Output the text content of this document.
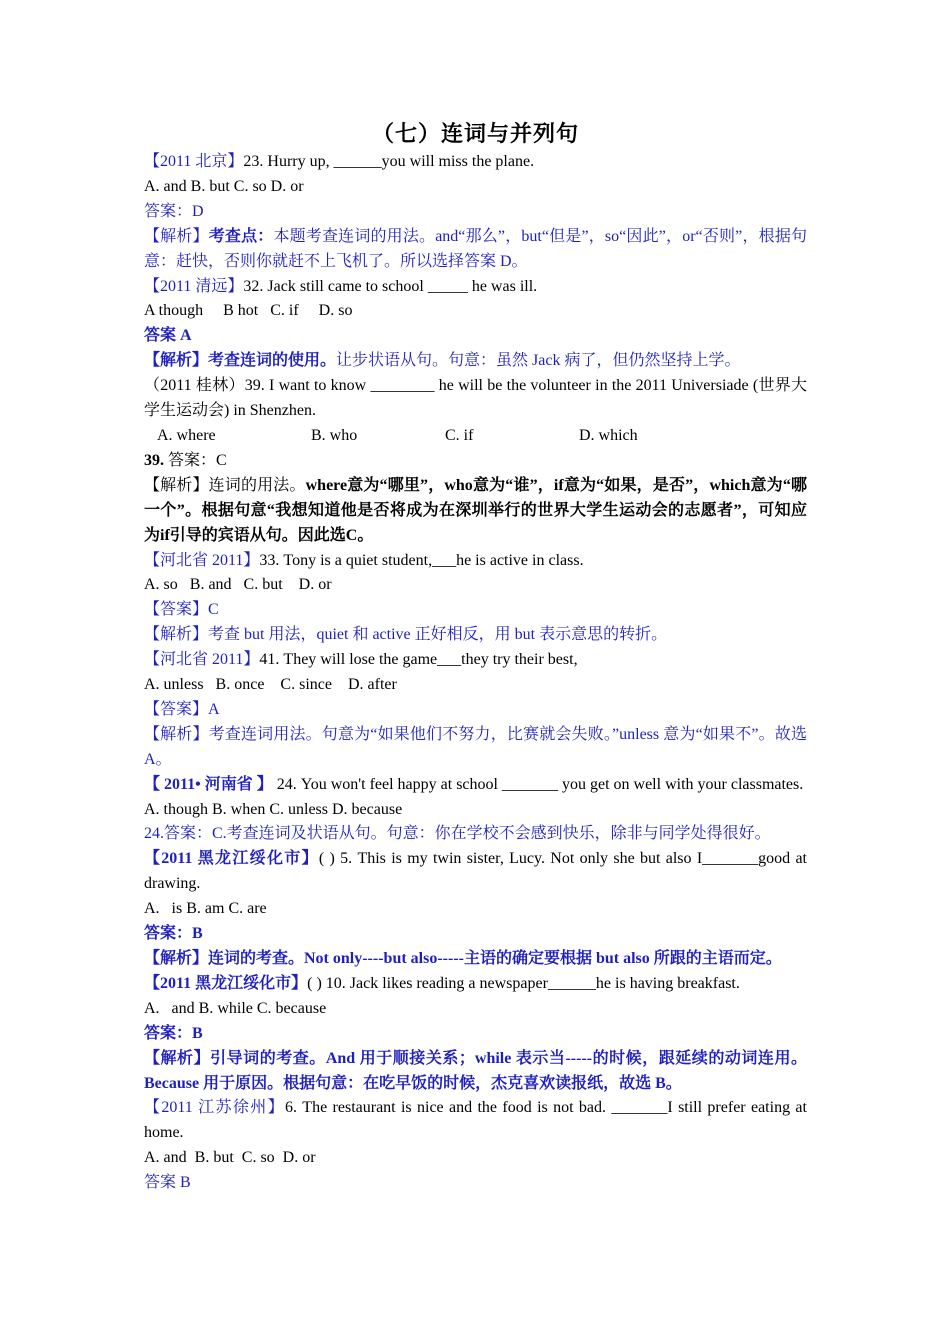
（七）连词与并列句
【2011 北京】23. Hurry up, ______you will miss the plane.
A. and B. but C. so D. or
答案：D
【解析】考查点：本题考查连词的用法。and“那么”，but“但是”，so“因此”，or“否则”，根据句意：赶快，否则你就赶不上飞机了。所以选择答案 D。
【2011 清远】32. Jack still came to school _____ he was ill.
A though     B hot   C. if     D. so
答案 A
【解析】考查连词的使用。让步状语从句。句意：虽然 Jack 病了，但仍然坚持上学。
（2011 桂林）39. I want to know ________ he will be the volunteer in the 2011 Universiade (世界大学生运动会) in Shenzhen.
A. where	B. who	C. if	D. which
39. 答案：C
【解析】连词的用法。where意为“哪里”，who意为“谁”，if意为“如果，是否”，which意为“哪一个”。根据句意“我想知道他是否将成为在深圳举行的世界大学生运动会的志愿者”，可知应为if引导的宾语从句。因此选C。
【河北省 2011】33. Tony is a quiet student,___he is active in class.
A. so   B. and   C. but    D. or
【答案】C
【解析】考查 but 用法，quiet 和 active 正好相反，用 but 表示意思的转折。
【河北省 2011】41. They will lose the game___they try their best,
A. unless   B. once    C. since    D. after
【答案】A
【解析】考查连词用法。句意为“如果他们不努力，比赛就会失败。”unless 意为“如果不”。故选 A。
【 2011• 河南省 】 24. You won't feel happy at school _______ you get on well with your classmates.
A. though B. when C. unless D. because
24.答案：C.考查连词及状语从句。句意：你在学校不会感到快乐，除非与同学处得很好。
【2011 黑龙江绥化市】( ) 5. This is my twin sister, Lucy. Not only she but also I_______good at drawing.
A.   is B. am C. are
答案：B
【解析】连词的考查。Not only----but also-----主语的确定要根据 but also 所跟的主语而定。
【2011 黑龙江绥化市】( ) 10. Jack likes reading a newspaper______he is having breakfast.
A.   and B. while C. because
答案：B
【解析】引导词的考查。And 用于顺接关系；while 表示当-----的时候，跟延续的动词连用。Because 用于原因。根据句意：在吃早饭的时候，杰克喜欢读报纸，故选 B。
【2011 江苏徐州】6. The restaurant is nice and the food is not bad. _______I still prefer eating at home.
A. and  B. but  C. so  D. or
答案 B
